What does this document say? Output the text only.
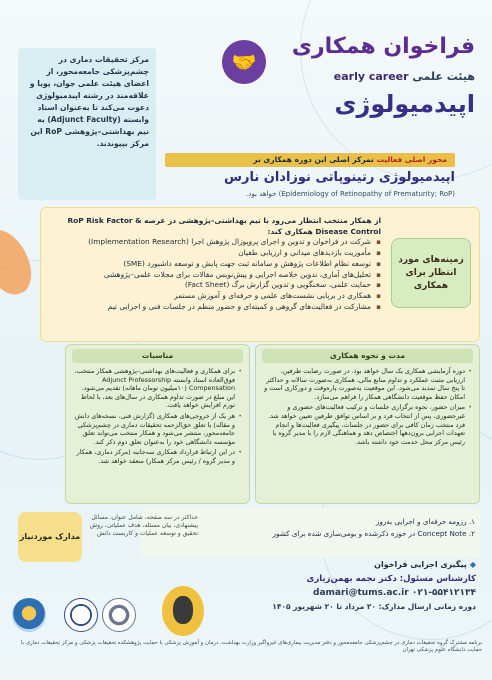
مرکز تحقیقات دماری در چشم‌پزشکی جامعه‌محور، از اعضای هیئت علمی جوان، پویا و علاقه‌مند در رشته اپیدمیولوژی دعوت می‌کند تا به‌عنوان استاد وابسته (Adjunct Faculty) به تیم بهداشتی–پژوهشی RoP این مرکز بپیوندند.
🤝
فراخوان همکاری
هیئت علمی early career
اپیدمیولوژی
محور اصلی فعالیت تمرکز اصلی این دوره همکاری بر
اپیدمیولوژی رتینوپاتی نوزادان نارس
(Epidemiology of Retinopathy of Prematurity; RoP) خواهد بود.

از همکار منتخب انتظار می‌رود با تیم بهداشتی–پژوهشی در عرصه RoP Risk Factor & Disease Control همکاری کند:

▪ شرکت در فراخوان و تدوین و اجرای پروپوزال پژوهش اجرا (Implementation Research)
▪ مأموریت بازدیدهای میدانی و ارزیابی طفیان
▪ توسعه نظام اطلاعات پژوهش و سامانه ثبت جهت پایش و توسعه داشبورد (SME)
▪ تحلیل‌های آماری، تدوین خلاصه اجرایی و پیش‌نویس مقالات برای مجلات علمی–پژوهشی
▪ حمایت علمی، سخنگویی و تدوین گزارش برگ (Fact Sheet)
▪ همکاری در برپایی نشست‌های علمی و حرفه‌ای و آموزش مستمر
▪ مشارکت در فعالیت‌های گروهی و کمیته‌ای و حضور منظم در جلسات فنی و اجرایی تیم
زمینه‌های مورد انتظار برای همکاری
مناسبات

• برای همکاری و فعالیت‌های بهداشتی–پژوهشی همکار منتخب، فوق‌العاده استاد وابسته Adjunct Professorship Compensation (۱۰میلیون تومان ماهانه) تقدیم می‌شود. این مبلغ در صورت تداوم همکاری در سال‌های بعد، با لحاظ تورم افزایش خواهد یافت.

• هر یک از خروجی‌های همکاری (گزارش فنی، نسخه‌های دانش و مقاله) با تعلق حق‌الزحمه تحقیقات دماری در چشم‌پزشکی جامعه‌محور، منتشر می‌شود و همکار منتخب می‌تواند تعلق مؤسسه دانشگاهی خود را به‌عنوان تعلق دوم ذکر کند.

• در این ارتباط قرارداد همکاری سه‌جانبه (مرکز دماری، همکار و مدیر گروه / رئیس مرکز همکار) منعقد خواهد شد.

مدت و نحوه همکاری

• دوره آزمایشی همکاری یک سال خواهد بود. در صورت رضایت طرفین، ارزیابی مثبت عملکرد و تداوم منابع مالی، همکاری به‌صورت سالانه و حداکثر تا پنج سال تمدید می‌شود. این موقعیت به‌صورت پاره‌وقت و دورکاری است و امکان حفظ موقعیت دانشگاهی همکار را فراهم می‌سازد.

• میزان حضور، نحوه برگزاری جلسات و ترکیب فعالیت‌های حضوری و غیرحضوری، پس از انتخاب فرد و بر اساس توافق طرفین تعیین خواهد شد. فرد منتخب زمان کافی برای حضور در جلسات، پیگیری فعالیت‌ها و انجام تعهدات اجرایی برون‌دهها اختصاص دهد و هماهنگی لازم را با مدیر گروه یا رئیس مرکز محل خدمت خود داشته باشد.

مدارک موردنیاز
حداکثر در سه صفحه، شامل عنوان، مسائل پیشنهادی، بیان مسئله، هدف عملیاتی، روش تحقیق و توسعه عملیات و کاربست دانش
۱. رزومه حرفه‌ای و اجرایی به‌روز
۲. Concept Note در حوزه ذکرشده و بومی‌سازی شده برای کشور
◆پیگیری اجرایی فراخوان
کارشناس مسئول: دکتر نجمه بهمن‌زیاری
damari@tums.ac.ir ۰۲۱-۵۵۴۱۲۱۳۴
دوره زمانی ارسال مدارک: ۲۰ مرداد تا ۲۰ شهریور ۱۴۰۵
برنامه مشترک گروه تحقیقات دماری در چشم‌پزشکی جامعه‌محور و دفتر مدیریت بیماری‌های غیرواگیر وزارت بهداشت، درمان و آموزش پزشکی با حمایت پژوهشکده تحقیقات پزشکی و مرکز تحقیقات دماری با حمایت دانشگاه علوم پزشکی تهران
